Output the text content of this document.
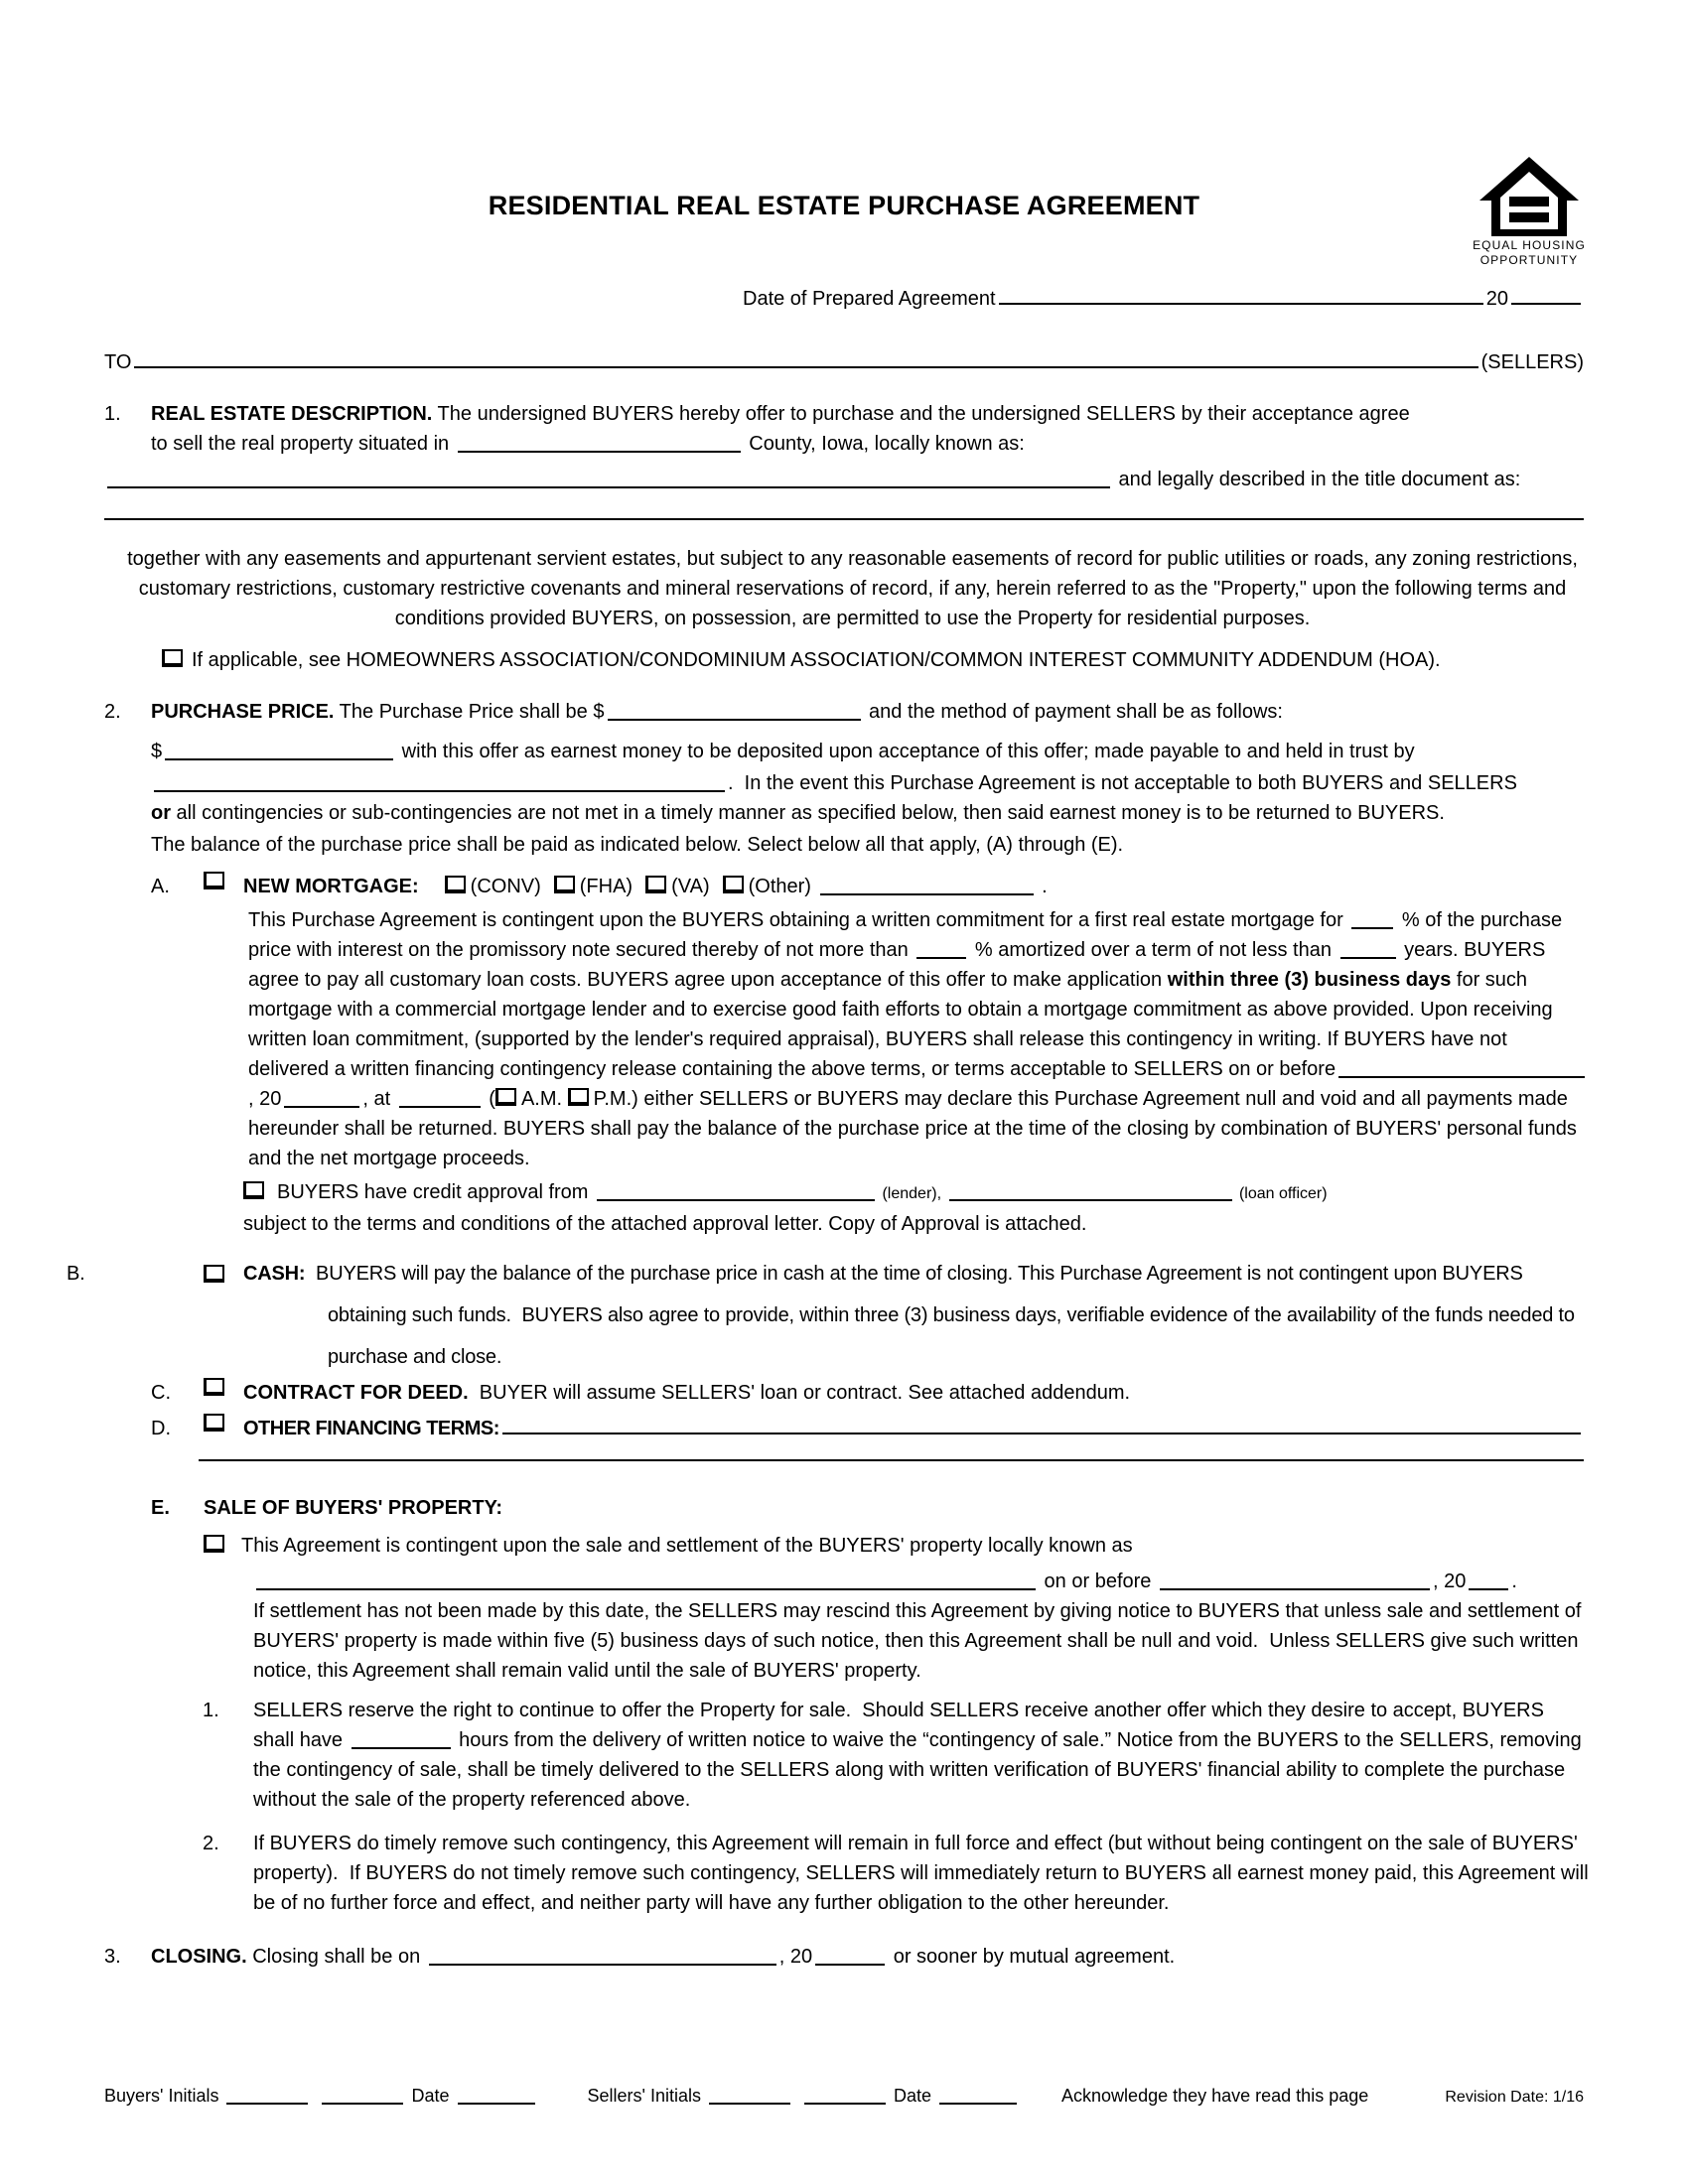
RESIDENTIAL REAL ESTATE PURCHASE AGREEMENT
EQUAL HOUSING
OPPORTUNITY
Date of Prepared Agreement	20
TO	(SELLERS)
1. REAL ESTATE DESCRIPTION. The undersigned BUYERS hereby offer to purchase and the undersigned SELLERS by their acceptance agree
to sell the real property situated in	County, Iowa, locally known as:
and legally described in the title document as:
together with any easements and appurtenant servient estates, but subject to any reasonable easements of record for public utilities or roads, any zoning restrictions, customary restrictions, customary restrictive covenants and mineral reservations of record, if any, herein referred to as the "Property," upon the following terms and conditions provided BUYERS, on possession, are permitted to use the Property for residential purposes.
If applicable, see HOMEOWNERS ASSOCIATION/CONDOMINIUM ASSOCIATION/COMMON INTEREST COMMUNITY ADDENDUM (HOA).
2. PURCHASE PRICE. The Purchase Price shall be $	and the method of payment shall be as follows:
$	with this offer as earnest money to be deposited upon acceptance of this offer; made payable to and held in trust by
.  In the event this Purchase Agreement is not acceptable to both BUYERS and SELLERS
or all contingencies or sub-contingencies are not met in a timely manner as specified below, then said earnest money is to be returned to BUYERS.
The balance of the purchase price shall be paid as indicated below. Select below all that apply, (A) through (E).
A.	NEW MORTGAGE:	(CONV) (FHA) (VA) (Other)	.
This Purchase Agreement is contingent upon the BUYERS obtaining a written commitment for a first real estate mortgage for  % of the purchase price with interest on the promissory note secured thereby of not more than	% amortized over a term of not less than	years. BUYERS agree to pay all customary loan costs. BUYERS agree upon acceptance of this offer to make application within three (3) business days for such mortgage with a commercial mortgage lender and to exercise good faith efforts to obtain a mortgage commitment as above provided. Upon receiving written loan commitment, (supported by the lender's required appraisal), BUYERS shall release this contingency in writing. If BUYERS have not delivered a written financing contingency release containing the above terms, or terms acceptable to SELLERS on or before, 20	, at	( A.M. P.M.) either SELLERS or BUYERS may declare this Purchase Agreement null and void and all payments made hereunder shall be returned. BUYERS shall pay the balance of the purchase price at the time of the closing by combination of BUYERS' personal funds and the net mortgage proceeds.
BUYERS have credit approval from	(lender),	(loan officer)
subject to the terms and conditions of the attached approval letter. Copy of Approval is attached.
B.	CASH:  BUYERS will pay the balance of the purchase price in cash at the time of closing. This Purchase Agreement is not contingent upon BUYERS obtaining such funds.  BUYERS also agree to provide, within three (3) business days, verifiable evidence of the availability of the funds needed to purchase and close.
C.	CONTRACT FOR DEED.  BUYER will assume SELLERS' loan or contract. See attached addendum.
D.	OTHER FINANCING TERMS:
E. SALE OF BUYERS' PROPERTY:
This Agreement is contingent upon the sale and settlement of the BUYERS' property locally known as
on or before	, 20 .
If settlement has not been made by this date, the SELLERS may rescind this Agreement by giving notice to BUYERS that unless sale and settlement of BUYERS' property is made within five (5) business days of such notice, then this Agreement shall be null and void.  Unless SELLERS give such written notice, this Agreement shall remain valid until the sale of BUYERS' property.
1. SELLERS reserve the right to continue to offer the Property for sale.  Should SELLERS receive another offer which they desire to accept, BUYERS shall have	hours from the delivery of written notice to waive the “contingency of sale.” Notice from the BUYERS to the SELLERS, removing the contingency of sale, shall be timely delivered to the SELLERS along with written verification of BUYERS' financial ability to complete the purchase without the sale of the property referenced above.
2. If BUYERS do timely remove such contingency, this Agreement will remain in full force and effect (but without being contingent on the sale of BUYERS' property).  If BUYERS do not timely remove such contingency, SELLERS will immediately return to BUYERS all earnest money paid, this Agreement will be of no further force and effect, and neither party will have any further obligation to the other hereunder.
3. CLOSING. Closing shall be on	, 20	or sooner by mutual agreement.
Buyers' Initials	Date	Sellers' Initials	Date	Acknowledge they have read this page	Revision Date: 1/16
